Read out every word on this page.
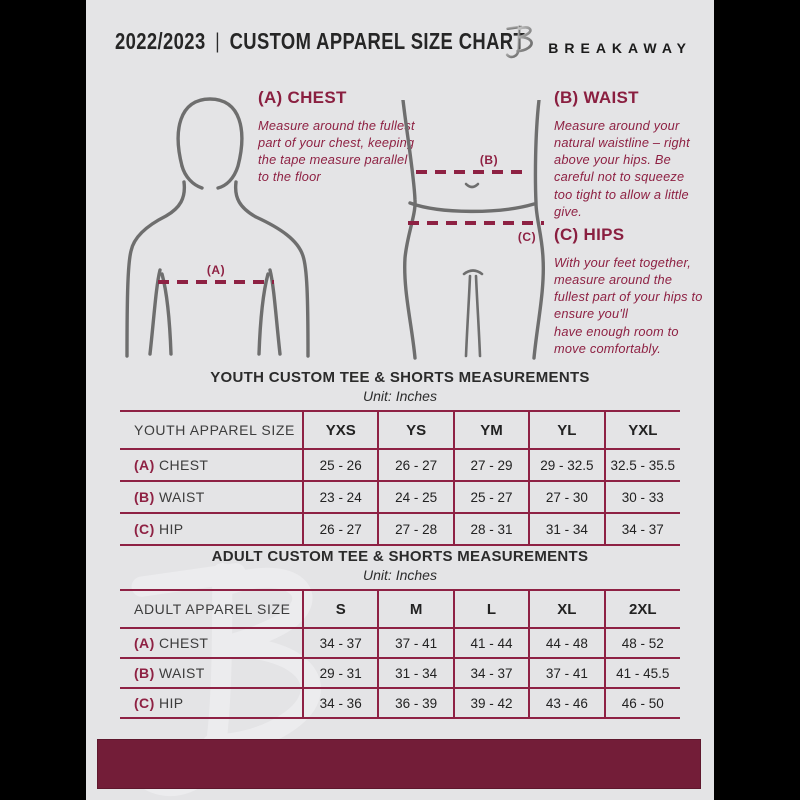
2022/2023 | CUSTOM APPAREL SIZE CHART BREAKAWAY
(A)
(A) CHEST

Measure around the fullest part of your chest, keeping the tape measure parallel to the floor

(B)
(C)
(B) WAIST

Measure around your natural waistline – right above your hips. Be careful not to squeeze too tight to allow a little give.

(C) HIPS

With your feet together, measure around the fullest part of your hips to ensure you'll

have enough room to move comfortably.

YOUTH CUSTOM TEE & SHORTS MEASUREMENTS
Unit: Inches
YOUTH APPAREL SIZE	YXS	YS	YM	YL	YXL
(A) CHEST	25 - 26	26 - 27	27 - 29	29 - 32.5	32.5 - 35.5
(B) WAIST	23 - 24	24 - 25	25 - 27	27 - 30	30 - 33
(C) HIP	26 - 27	27 - 28	28 - 31	31 - 34	34 - 37
ADULT CUSTOM TEE & SHORTS MEASUREMENTS
Unit: Inches
ADULT APPAREL SIZE	S	M	L	XL	2XL
(A) CHEST	34 - 37	37 - 41	41 - 44	44 - 48	48 - 52
(B) WAIST	29 - 31	31 - 34	34 - 37	37 - 41	41 - 45.5
(C) HIP	34 - 36	36 - 39	39 - 42	43 - 46	46 - 50
